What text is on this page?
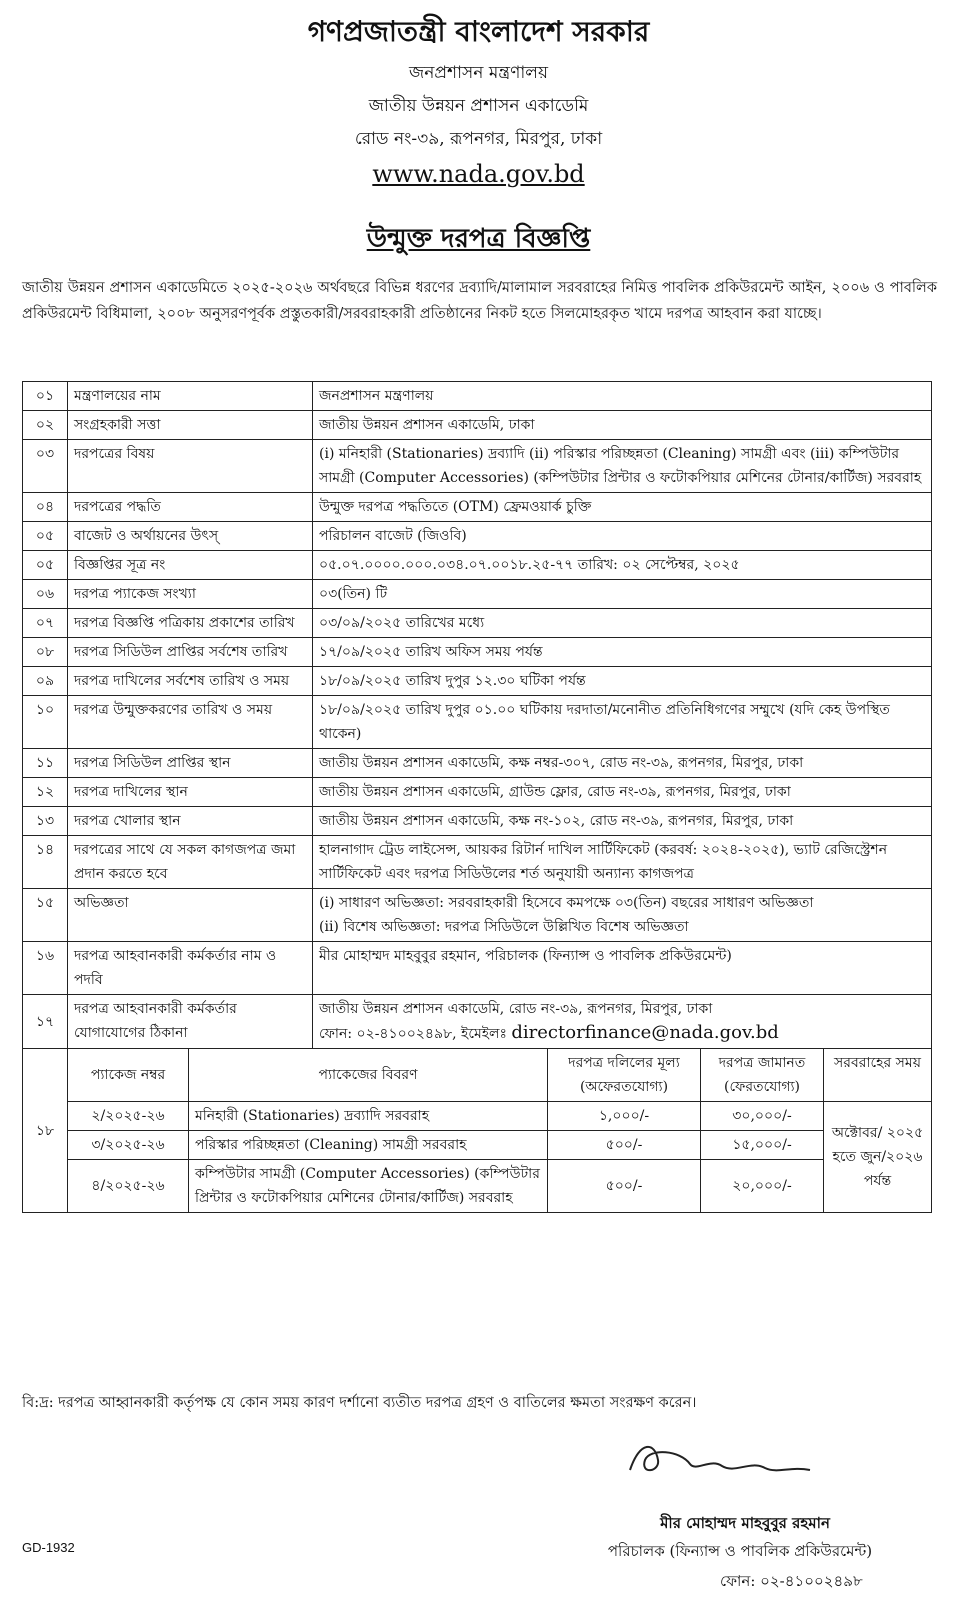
গণপ্রজাতন্ত্রী বাংলাদেশ সরকার
জনপ্রশাসন মন্ত্রণালয়
জাতীয় উন্নয়ন প্রশাসন একাডেমি
রোড নং-৩৯, রূপনগর, মিরপুর, ঢাকা
www.nada.gov.bd
উন্মুক্ত দরপত্র বিজ্ঞপ্তি
জাতীয় উন্নয়ন প্রশাসন একাডেমিতে ২০২৫-২০২৬ অর্থবছরে বিভিন্ন ধরণের দ্রব্যাদি/মালামাল সরবরাহের নিমিত্ত পাবলিক প্রকিউরমেন্ট আইন, ২০০৬ ও পাবলিক প্রকিউরমেন্ট বিধিমালা, ২০০৮ অনুসরণপূর্বক প্রস্তুতকারী/সরবরাহকারী প্রতিষ্ঠানের নিকট হতে সিলমোহরকৃত খামে দরপত্র আহবান করা যাচ্ছে।
০১	মন্ত্রণালয়ের নাম	জনপ্রশাসন মন্ত্রণালয়
০২	সংগ্রহকারী সত্তা	জাতীয় উন্নয়ন প্রশাসন একাডেমি, ঢাকা
০৩	দরপত্রের বিষয়	(i) মনিহারী (Stationaries) দ্রব্যাদি (ii) পরিস্কার পরিচ্ছন্নতা (Cleaning) সামগ্রী এবং (iii) কম্পিউটার সামগ্রী (Computer Accessories) (কম্পিউটার প্রিন্টার ও ফটোকপিয়ার মেশিনের টোনার/কার্টিজ) সরবরাহ
০৪	দরপত্রের পদ্ধতি	উন্মুক্ত দরপত্র পদ্ধতিতে (OTM) ফ্রেমওয়ার্ক চুক্তি
০৫	বাজেট ও অর্থায়নের উৎস্	পরিচালন বাজেট (জিওবি)
০৫	বিজ্ঞপ্তির সূত্র নং	০৫.০৭.০০০০.০০০.০৩৪.০৭.০০১৮.২৫-৭৭ তারিখ: ০২ সেপ্টেম্বর, ২০২৫
০৬	দরপত্র প্যাকেজ সংখ্যা	০৩(তিন) টি
০৭	দরপত্র বিজ্ঞপ্তি পত্রিকায় প্রকাশের তারিখ	০৩/০৯/২০২৫ তারিখের মধ্যে
০৮	দরপত্র সিডিউল প্রাপ্তির সর্বশেষ তারিখ	১৭/০৯/২০২৫ তারিখ অফিস সময় পর্যন্ত
০৯	দরপত্র দাখিলের সর্বশেষ তারিখ ও সময়	১৮/০৯/২০২৫ তারিখ দুপুর ১২.৩০ ঘটিকা পর্যন্ত
১০	দরপত্র উন্মুক্তকরণের তারিখ ও সময়	১৮/০৯/২০২৫ তারিখ দুপুর ০১.০০ ঘটিকায় দরদাতা/মনোনীত প্রতিনিধিগণের সম্মুখে (যদি কেহ উপস্থিত থাকেন)
১১	দরপত্র সিডিউল প্রাপ্তির স্থান	জাতীয় উন্নয়ন প্রশাসন একাডেমি, কক্ষ নম্বর-৩০৭, রোড নং-৩৯, রূপনগর, মিরপুর, ঢাকা
১২	দরপত্র দাখিলের স্থান	জাতীয় উন্নয়ন প্রশাসন একাডেমি, গ্রাউন্ড ফ্লোর, রোড নং-৩৯, রূপনগর, মিরপুর, ঢাকা
১৩	দরপত্র খোলার স্থান	জাতীয় উন্নয়ন প্রশাসন একাডেমি, কক্ষ নং-১০২, রোড নং-৩৯, রূপনগর, মিরপুর, ঢাকা
১৪	দরপত্রের সাথে যে সকল কাগজপত্র জমা প্রদান করতে হবে	হালনাগাদ ট্রেড লাইসেন্স, আয়কর রিটার্ন দাখিল সার্টিফিকেট (করবর্ষ: ২০২৪-২০২৫), ভ্যাট রেজিস্ট্রেশন সার্টিফিকেট এবং দরপত্র সিডিউলের শর্ত অনুযায়ী অন্যান্য কাগজপত্র
১৫	অভিজ্ঞতা	(i) সাধারণ অভিজ্ঞতা: সরবরাহকারী হিসেবে কমপক্ষে ০৩(তিন) বছরের সাধারণ অভিজ্ঞতা
(ii) বিশেষ অভিজ্ঞতা: দরপত্র সিডিউলে উল্লিখিত বিশেষ অভিজ্ঞতা

১৬	দরপত্র আহবানকারী কর্মকর্তার নাম ও পদবি	মীর মোহাম্মদ মাহবুবুর রহমান, পরিচালক (ফিন্যান্স ও পাবলিক প্রকিউরমেন্ট)
১৭	দরপত্র আহবানকারী কর্মকর্তার যোগাযোগের ঠিকানা	
জাতীয় উন্নয়ন প্রশাসন একাডেমি, রোড নং-৩৯, রূপনগর, মিরপুর, ঢাকা
ফোন: ০২-৪১০০২৪৯৮, ইমেইলঃ directorfinance@nada.gov.bd

১৮	
প্যাকেজ নম্বর	প্যাকেজের বিবরণ	দরপত্র দলিলের মূল্য (অফেরতযোগ্য)	দরপত্র জামানত (ফেরতযোগ্য)	সরবরাহের সময়
২/২০২৫-২৬	মনিহারী (Stationaries) দ্রব্যাদি সরবরাহ	১,০০০/-	৩০,০০০/-	অক্টোবর/ ২০২৫ হতে জুন/২০২৬ পর্যন্ত
৩/২০২৫-২৬	পরিস্কার পরিচ্ছন্নতা (Cleaning) সামগ্রী সরবরাহ	৫০০/-	১৫,০০০/-
৪/২০২৫-২৬	কম্পিউটার সামগ্রী (Computer Accessories) (কম্পিউটার প্রিন্টার ও ফটোকপিয়ার মেশিনের টোনার/কার্টিজ) সরবরাহ	৫০০/-	২০,০০০/-
বি:দ্র: দরপত্র আহ্বানকারী কর্তৃপক্ষ যে কোন সময় কারণ দর্শানো ব্যতীত দরপত্র গ্রহণ ও বাতিলের ক্ষমতা সংরক্ষণ করেন।
মীর মোহাম্মদ মাহবুবুর রহমান
পরিচালক (ফিন্যান্স ও পাবলিক প্রকিউরমেন্ট)
ফোন: ০২-৪১০০২৪৯৮
GD-1932
